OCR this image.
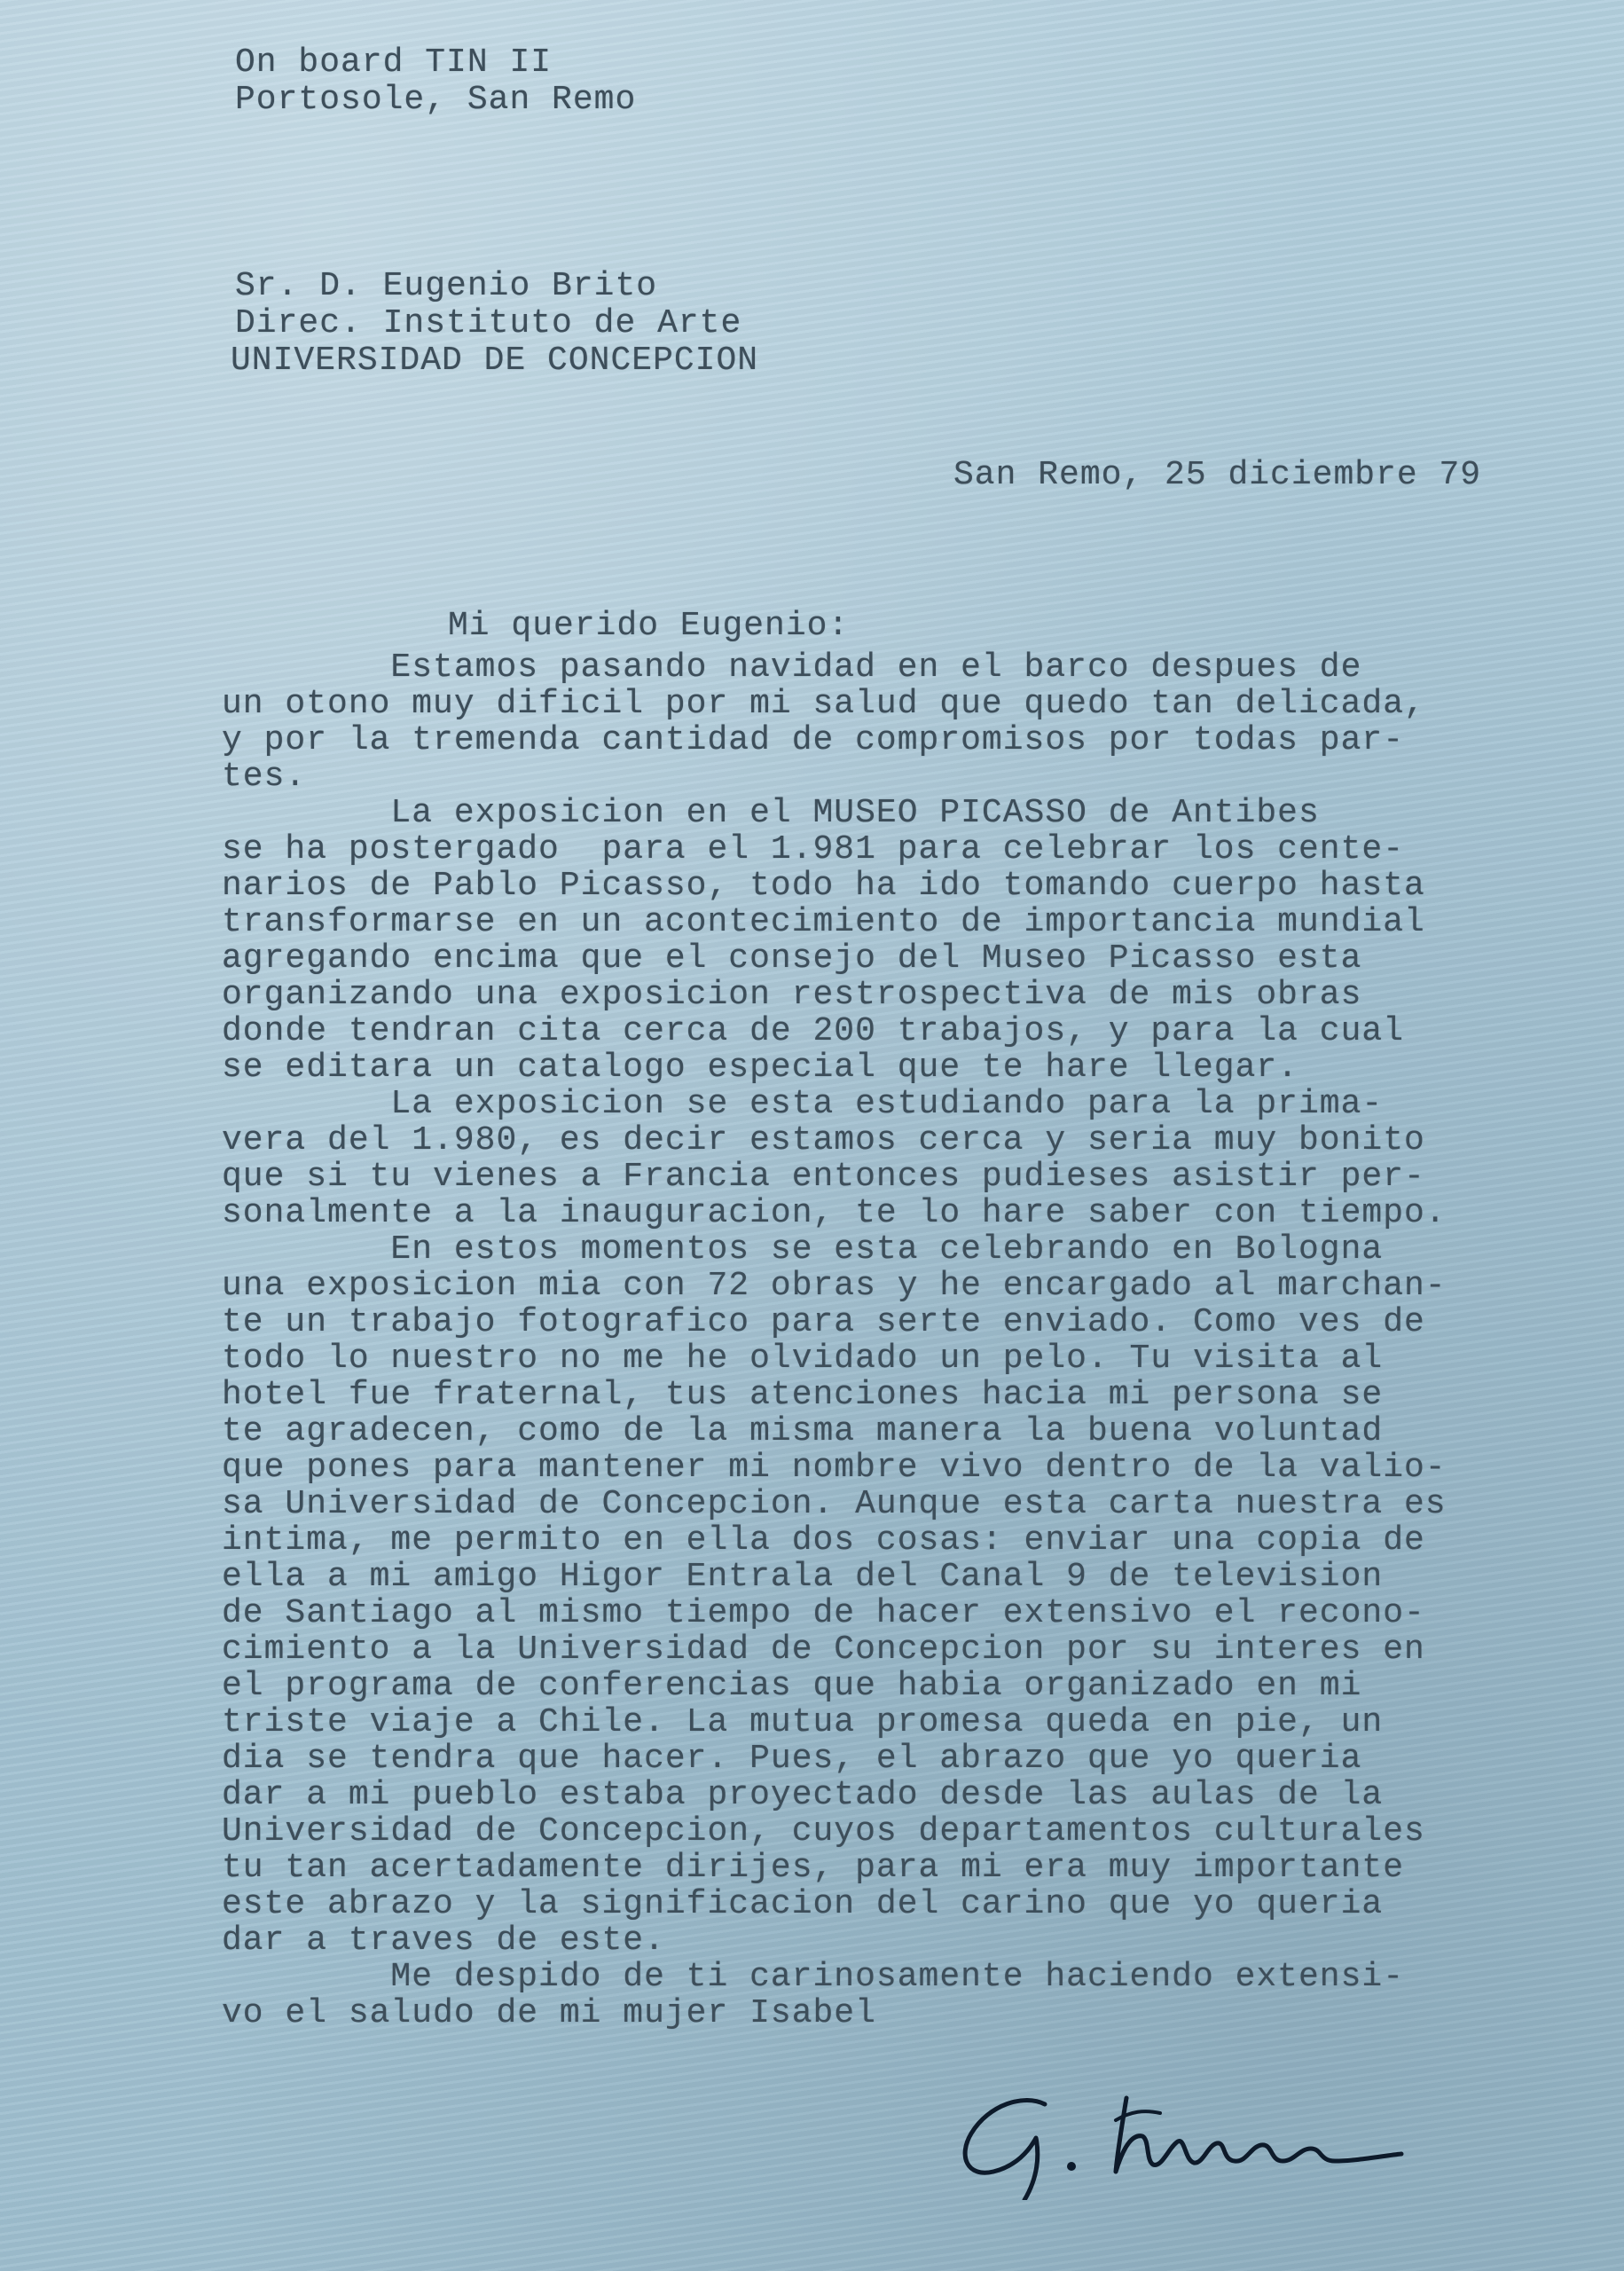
On board TIN II
Portosole, San Remo
Sr. D. Eugenio Brito
Direc. Instituto de Arte
UNIVERSIDAD DE CONCEPCION
San Remo, 25 diciembre 79
Mi querido Eugenio:
Estamos pasando navidad en el barco despues de
un otono muy dificil por mi salud que quedo tan delicada,
y por la tremenda cantidad de compromisos por todas par-
tes.
La exposicion en el MUSEO PICASSO de Antibes
se ha postergado  para el 1.981 para celebrar los cente-
narios de Pablo Picasso, todo ha ido tomando cuerpo hasta
transformarse en un acontecimiento de importancia mundial
agregando encima que el consejo del Museo Picasso esta
organizando una exposicion restrospectiva de mis obras
donde tendran cita cerca de 200 trabajos, y para la cual
se editara un catalogo especial que te hare llegar.
La exposicion se esta estudiando para la prima-
vera del 1.980, es decir estamos cerca y seria muy bonito
que si tu vienes a Francia entonces pudieses asistir per-
sonalmente a la inauguracion, te lo hare saber con tiempo.
En estos momentos se esta celebrando en Bologna
una exposicion mia con 72 obras y he encargado al marchan-
te un trabajo fotografico para serte enviado. Como ves de
todo lo nuestro no me he olvidado un pelo. Tu visita al
hotel fue fraternal, tus atenciones hacia mi persona se
te agradecen, como de la misma manera la buena voluntad
que pones para mantener mi nombre vivo dentro de la valio-
sa Universidad de Concepcion. Aunque esta carta nuestra es
intima, me permito en ella dos cosas: enviar una copia de
ella a mi amigo Higor Entrala del Canal 9 de television
de Santiago al mismo tiempo de hacer extensivo el recono-
cimiento a la Universidad de Concepcion por su interes en
el programa de conferencias que habia organizado en mi
triste viaje a Chile. La mutua promesa queda en pie, un
dia se tendra que hacer. Pues, el abrazo que yo queria
dar a mi pueblo estaba proyectado desde las aulas de la
Universidad de Concepcion, cuyos departamentos culturales
tu tan acertadamente dirijes, para mi era muy importante
este abrazo y la significacion del carino que yo queria
dar a traves de este.
Me despido de ti carinosamente haciendo extensi-
vo el saludo de mi mujer Isabel
